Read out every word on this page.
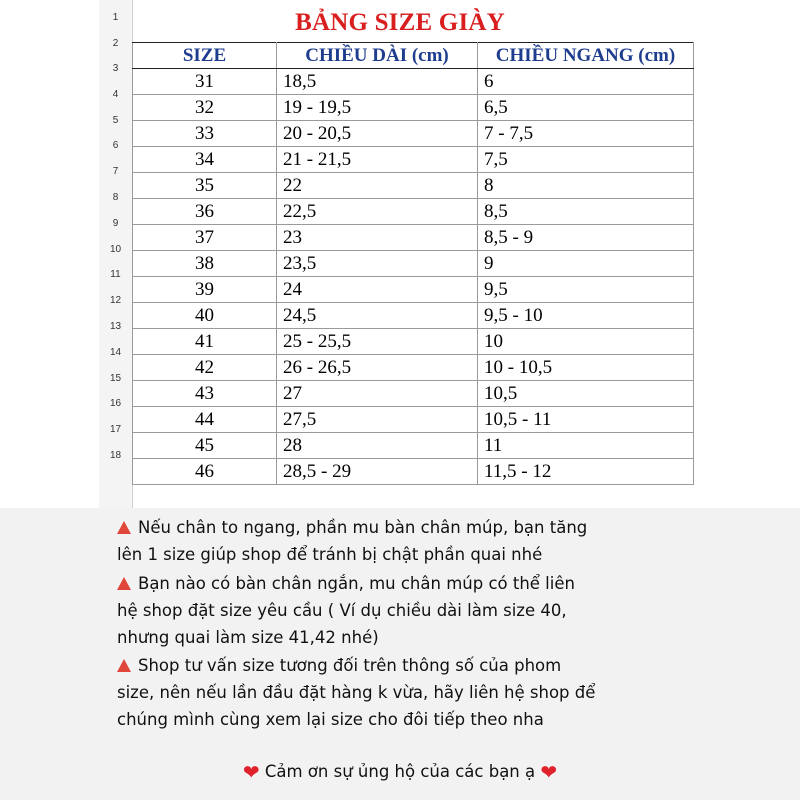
1
2
3
4
5
6
7
8
9
10
11
12
13
14
15
16
17
18
BẢNG SIZE GIÀY
SIZE	CHIỀU DÀI (cm)	CHIỀU NGANG (cm)
31	18,5	6
32	19 - 19,5	6,5
33	20 - 20,5	7 - 7,5
34	21 - 21,5	7,5
35	22	8
36	22,5	8,5
37	23	8,5 - 9
38	23,5	9
39	24	9,5
40	24,5	9,5 - 10
41	25 - 25,5	10
42	26 - 26,5	10 - 10,5
43	27	10,5
44	27,5	10,5 - 11
45	28	11
46	28,5 - 29	11,5 - 12
Nếu chân to ngang, phần mu bàn chân múp, bạn tăng
lên 1 size giúp shop để tránh bị chật phần quai nhé
Bạn nào có bàn chân ngắn, mu chân múp có thể liên
hệ shop đặt size yêu cầu ( Ví dụ chiều dài làm size 40,
nhưng quai làm size 41,42 nhé)
Shop tư vấn size tương đối trên thông số của phom
size, nên nếu lần đầu đặt hàng k vừa, hãy liên hệ shop để
chúng mình cùng xem lại size cho đôi tiếp theo nha
❤ Cảm ơn sự ủng hộ của các bạn ạ ❤
